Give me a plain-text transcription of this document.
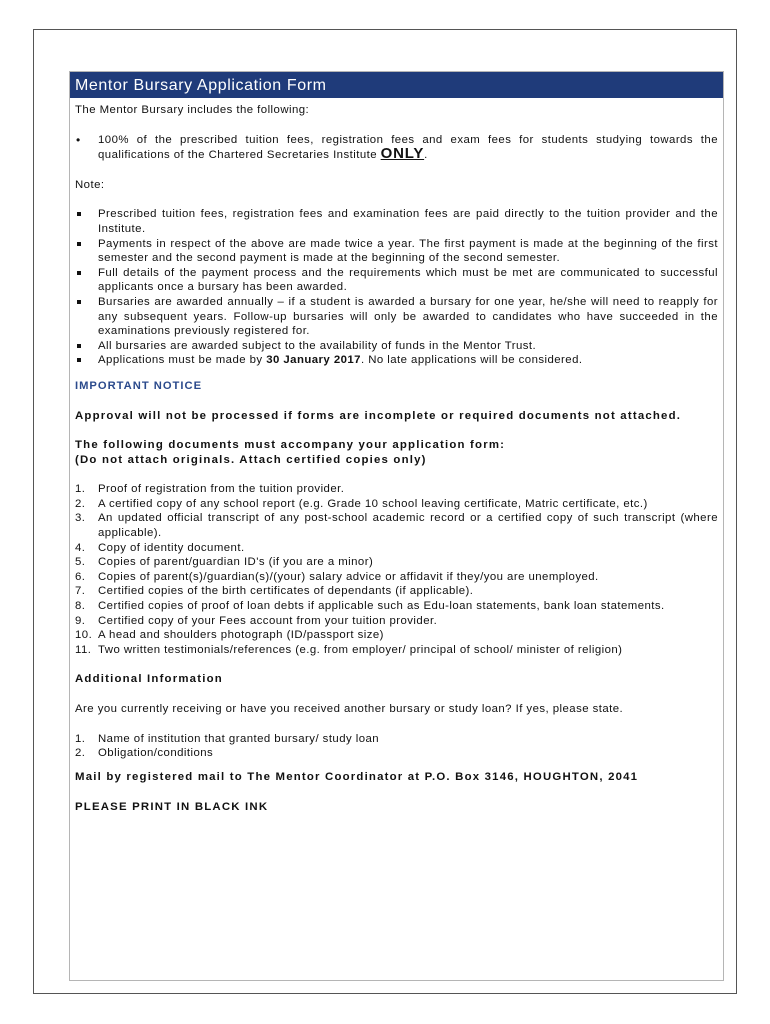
Mentor Bursary Application Form

The Mentor Bursary includes the following:

• 100% of the prescribed tuition fees, registration fees and exam fees for students studying towards the qualifications of the Chartered Secretaries Institute ONLY.

Note:

Prescribed tuition fees, registration fees and examination fees are paid directly to the tuition provider and the Institute.
Payments in respect of the above are made twice a year. The first payment is made at the beginning of the first semester and the second payment is made at the beginning of the second semester.
Full details of the payment process and the requirements which must be met are communicated to successful applicants once a bursary has been awarded.
Bursaries are awarded annually – if a student is awarded a bursary for one year, he/she will need to reapply for any subsequent years. Follow-up bursaries will only be awarded to candidates who have succeeded in the examinations previously registered for.
All bursaries are awarded subject to the availability of funds in the Mentor Trust.
Applications must be made by 30 January 2017. No late applications will be considered.

IMPORTANT NOTICE

Approval will not be processed if forms are incomplete or required documents not attached.

The following documents must accompany your application form:
(Do not attach originals. Attach certified copies only)

1. Proof of registration from the tuition provider.
2. A certified copy of any school report (e.g. Grade 10 school leaving certificate, Matric certificate, etc.)
3. An updated official transcript of any post-school academic record or a certified copy of such transcript (where applicable).
4. Copy of identity document.
5. Copies of parent/guardian ID's (if you are a minor)
6. Copies of parent(s)/guardian(s)/(your) salary advice or affidavit if they/you are unemployed.
7. Certified copies of the birth certificates of dependants (if applicable).
8. Certified copies of proof of loan debts if applicable such as Edu-loan statements, bank loan statements.
9. Certified copy of your Fees account from your tuition provider.
10. A head and shoulders photograph (ID/passport size)
11. Two written testimonials/references (e.g. from employer/ principal of school/ minister of religion)

Additional Information

Are you currently receiving or have you received another bursary or study loan? If yes, please state.

1. Name of institution that granted bursary/ study loan
2. Obligation/conditions

Mail by registered mail to The Mentor Coordinator at P.O. Box 3146, HOUGHTON, 2041

PLEASE PRINT IN BLACK INK
